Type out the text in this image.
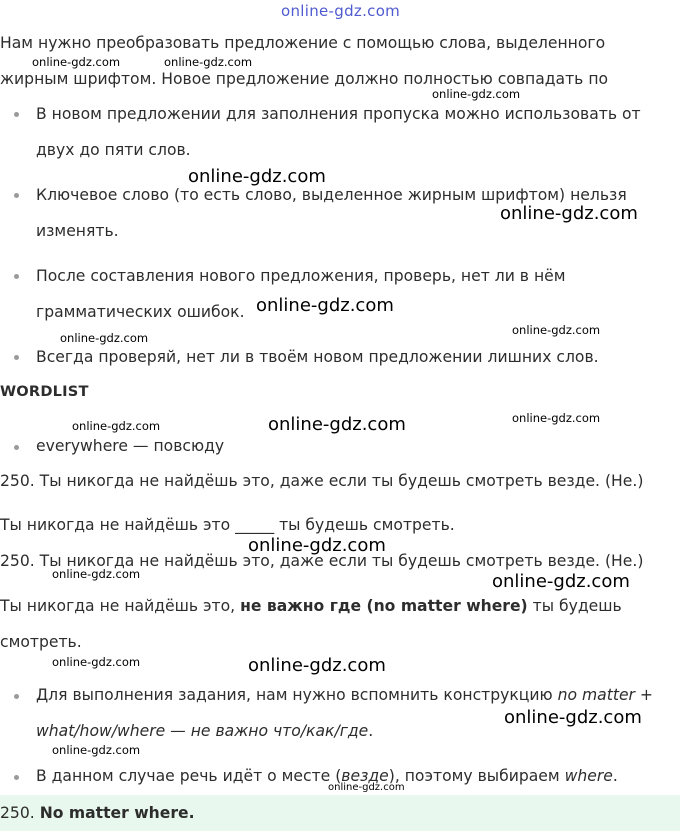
online-gdz.com
Нам нужно преобразовать предложение с помощью слова, выделенного
жирным шрифтом. Новое предложение должно полностью совпадать по
В новом предложении для заполнения пропуска можно использовать от
двух до пяти слов.
Ключевое слово (то есть слово, выделенное жирным шрифтом) нельзя
изменять.
После составления нового предложения, проверь, нет ли в нём
грамматических ошибок.
Всегда проверяй, нет ли в твоём новом предложении лишних слов.
WORDLIST
everywhere — повсюду
250. Ты никогда не найдёшь это, даже если ты будешь смотреть везде. (Не.)
Ты никогда не найдёшь это _____ ты будешь смотреть.
250. Ты никогда не найдёшь это, даже если ты будешь смотреть везде. (Не.)
Ты никогда не найдёшь это, не важно где (no matter where) ты будешь
смотреть.
Для выполнения задания, нам нужно вспомнить конструкцию no matter +
what/how/where — не важно что/как/где.
В данном случае речь идёт о месте (везде), поэтому выбираем where.
250. No matter where.
online-gdz.com	online-gdz.com
online-gdz.com
online-gdz.com
online-gdz.com
online-gdz.com
online-gdz.com
online-gdz.com
online-gdz.com
online-gdz.com	online-gdz.com
online-gdz.com
online-gdz.com	online-gdz.com
online-gdz.com	online-gdz.com
online-gdz.com
online-gdz.com
online-gdz.com
